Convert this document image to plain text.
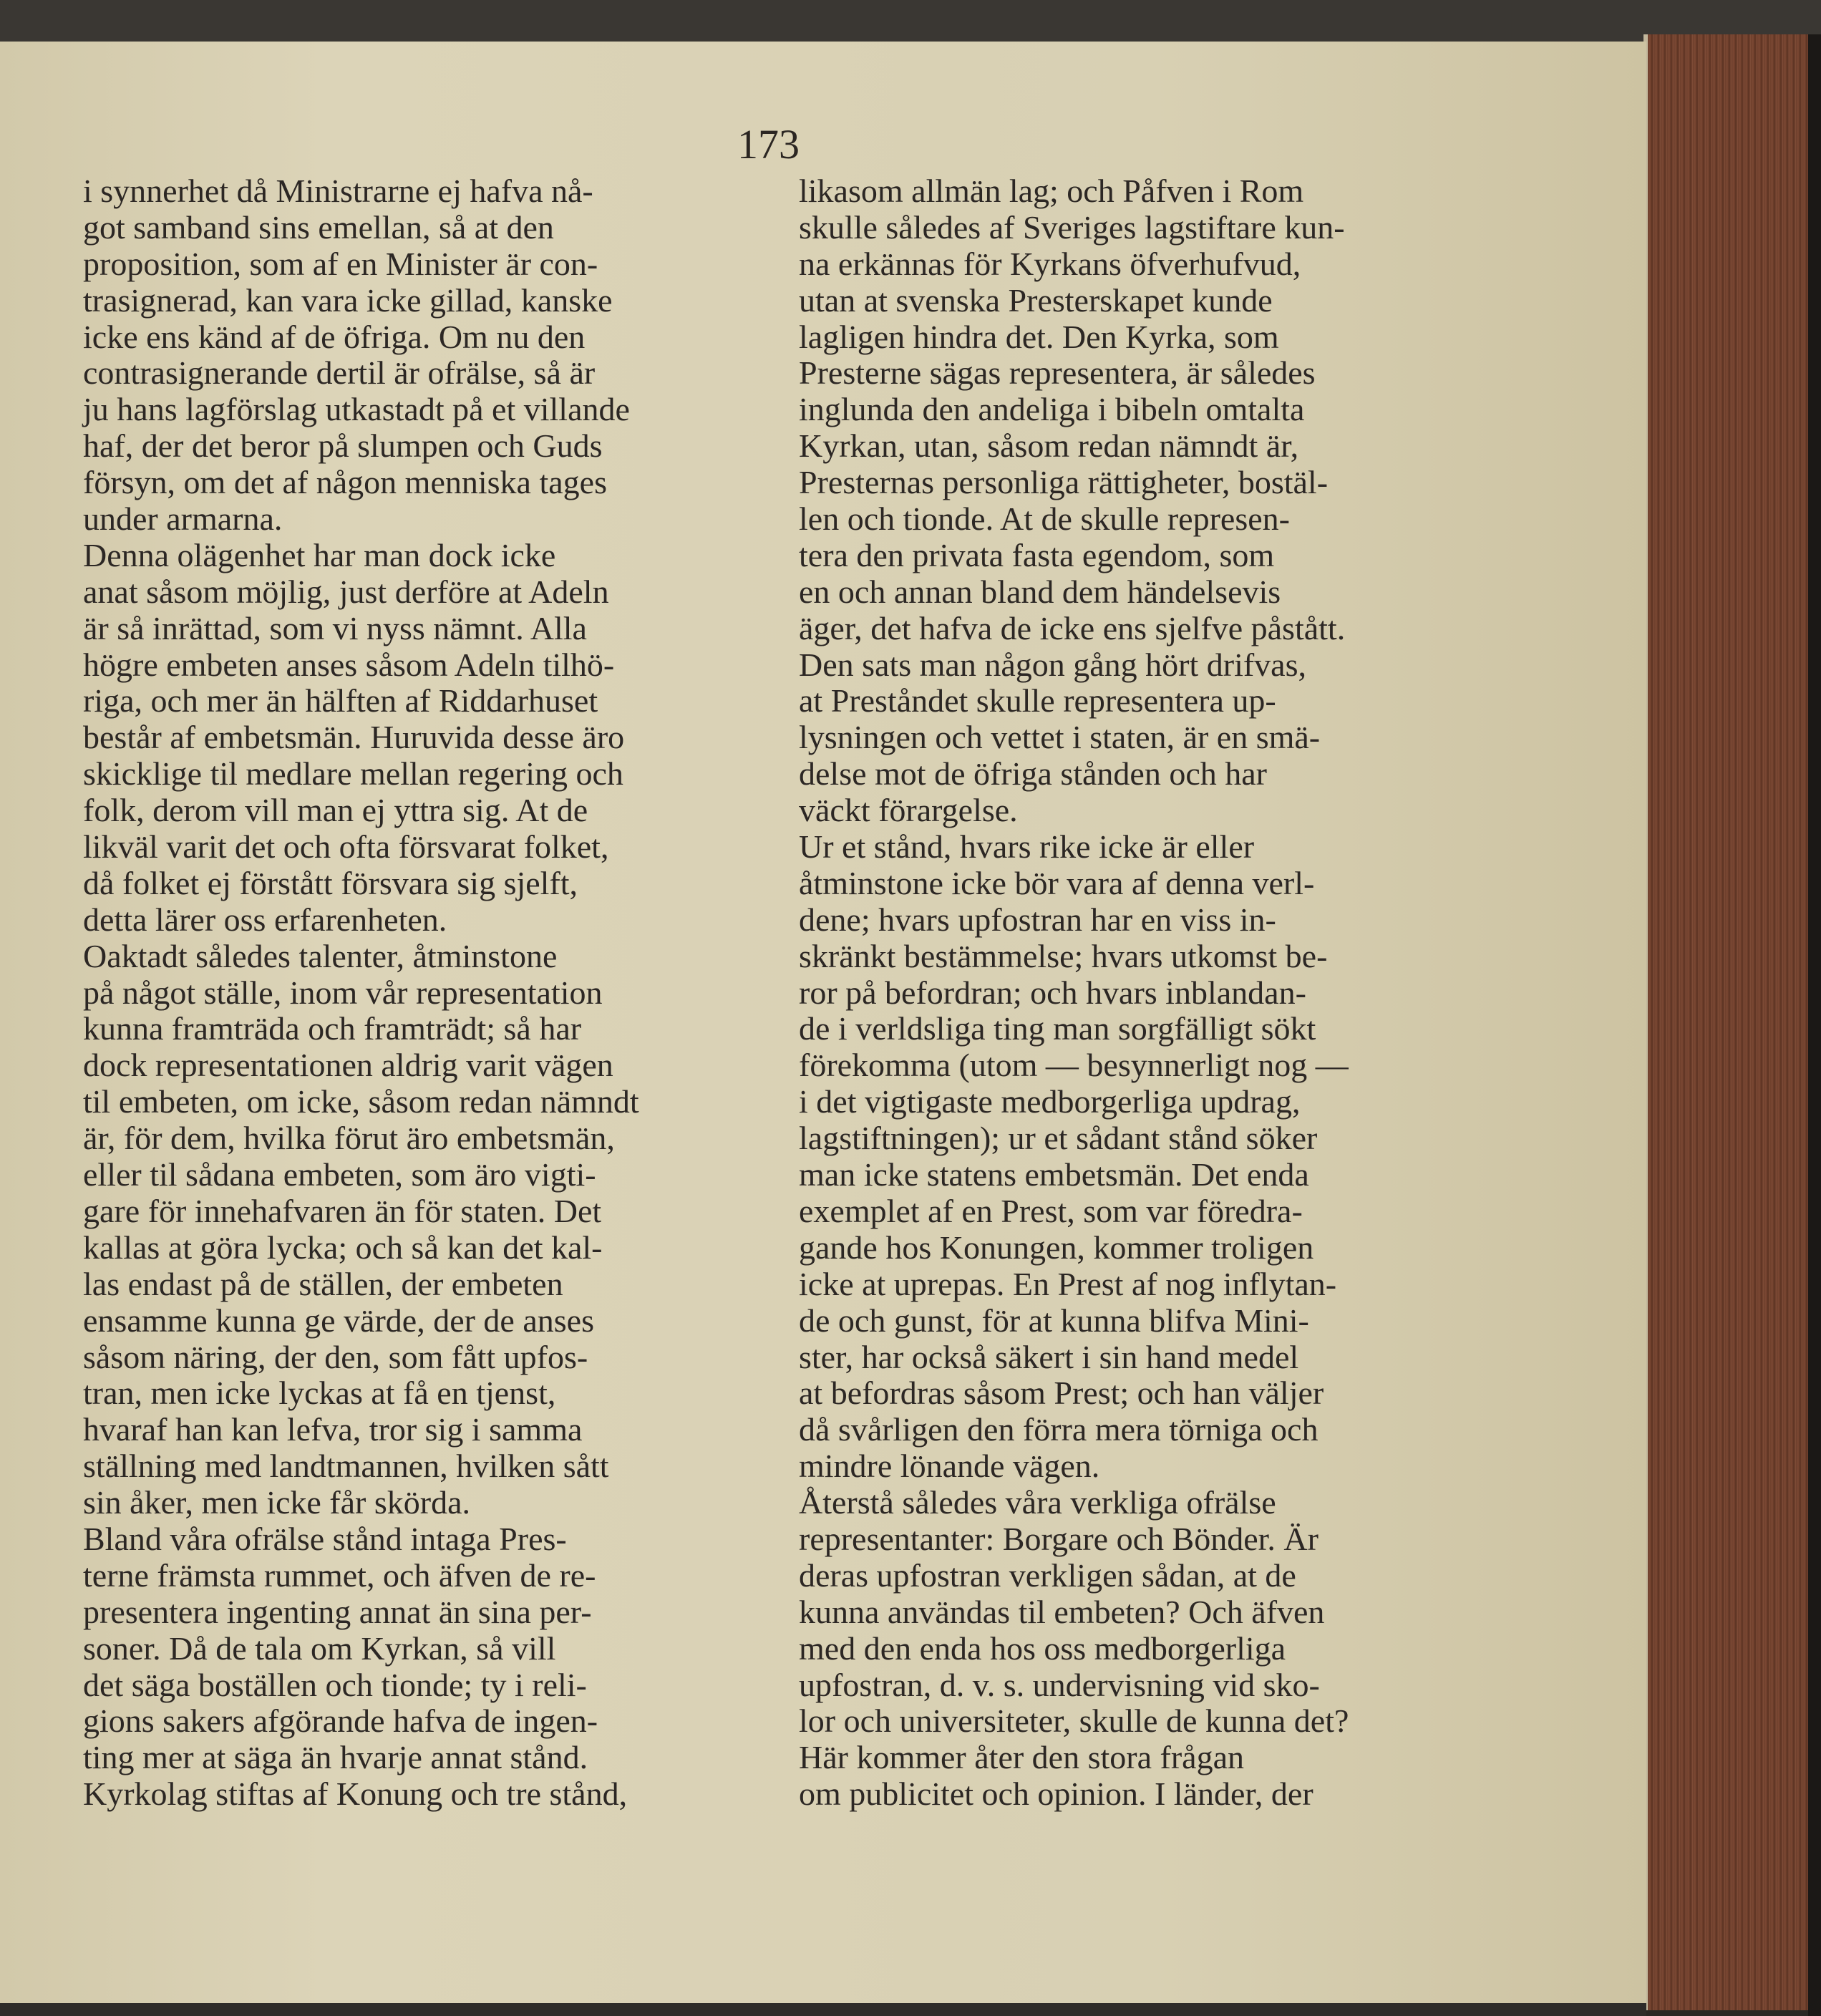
173
i synnerhet då Ministrarne ej hafva nå-
got samband sins emellan, så at den
proposition, som af en Minister är con-
trasignerad, kan vara icke gillad, kanske
icke ens känd af de öfriga. Om nu den
contrasignerande dertil är ofrälse, så är
ju hans lagförslag utkastadt på et villande
haf, der det beror på slumpen och Guds
försyn, om det af någon menniska tages
under armarna.
Denna olägenhet har man dock icke
anat såsom möjlig, just derföre at Adeln
är så inrättad, som vi nyss nämnt. Alla
högre embeten anses såsom Adeln tilhö-
riga, och mer än hälften af Riddarhuset
består af embetsmän. Huruvida desse äro
skicklige til medlare mellan regering och
folk, derom vill man ej yttra sig. At de
likväl varit det och ofta försvarat folket,
då folket ej förstått försvara sig sjelft,
detta lärer oss erfarenheten.
Oaktadt således talenter, åtminstone
på något ställe, inom vår representation
kunna framträda och framträdt; så har
dock representationen aldrig varit vägen
til embeten, om icke, såsom redan nämndt
är, för dem, hvilka förut äro embetsmän,
eller til sådana embeten, som äro vigti-
gare för innehafvaren än för staten. Det
kallas at göra lycka; och så kan det kal-
las endast på de ställen, der embeten
ensamme kunna ge värde, der de anses
såsom näring, der den, som fått upfos-
tran, men icke lyckas at få en tjenst,
hvaraf han kan lefva, tror sig i samma
ställning med landtmannen, hvilken sått
sin åker, men icke får skörda.
Bland våra ofrälse stånd intaga Pres-
terne främsta rummet, och äfven de re-
presentera ingenting annat än sina per-
soner. Då de tala om Kyrkan, så vill
det säga boställen och tionde; ty i reli-
gions sakers afgörande hafva de ingen-
ting mer at säga än hvarje annat stånd.
Kyrkolag stiftas af Konung och tre stånd,
likasom allmän lag; och Påfven i Rom
skulle således af Sveriges lagstiftare kun-
na erkännas för Kyrkans öfverhufvud,
utan at svenska Presterskapet kunde
lagligen hindra det. Den Kyrka, som
Presterne sägas representera, är således
inglunda den andeliga i bibeln omtalta
Kyrkan, utan, såsom redan nämndt är,
Presternas personliga rättigheter, bostäl-
len och tionde. At de skulle represen-
tera den privata fasta egendom, som
en och annan bland dem händelsevis
äger, det hafva de icke ens sjelfve påstått.
Den sats man någon gång hört drifvas,
at Preståndet skulle representera up-
lysningen och vettet i staten, är en smä-
delse mot de öfriga stånden och har
väckt förargelse.
Ur et stånd, hvars rike icke är eller
åtminstone icke bör vara af denna verl-
dene; hvars upfostran har en viss in-
skränkt bestämmelse; hvars utkomst be-
ror på befordran; och hvars inblandan-
de i verldsliga ting man sorgfälligt sökt
förekomma (utom — besynnerligt nog —
i det vigtigaste medborgerliga updrag,
lagstiftningen); ur et sådant stånd söker
man icke statens embetsmän. Det enda
exemplet af en Prest, som var föredra-
gande hos Konungen, kommer troligen
icke at uprepas. En Prest af nog inflytan-
de och gunst, för at kunna blifva Mini-
ster, har också säkert i sin hand medel
at befordras såsom Prest; och han väljer
då svårligen den förra mera törniga och
mindre lönande vägen.
Återstå således våra verkliga ofrälse
representanter: Borgare och Bönder. Är
deras upfostran verkligen sådan, at de
kunna användas til embeten? Och äfven
med den enda hos oss medborgerliga
upfostran, d. v. s. undervisning vid sko-
lor och universiteter, skulle de kunna det?
Här kommer åter den stora frågan
om publicitet och opinion. I länder, der
